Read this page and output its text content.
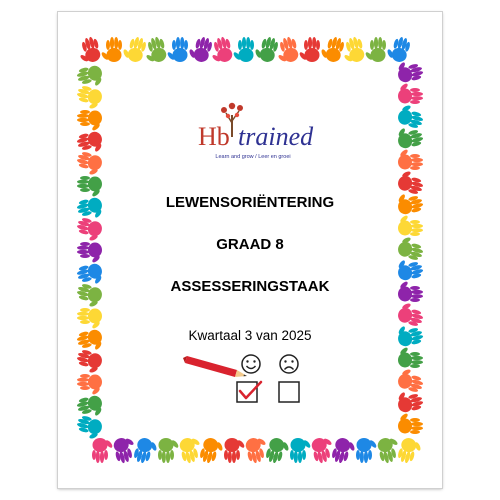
Hb trained
Learn and grow / Leer en groei
LEWENSORIËNTERING
GRAAD 8
ASSESSERINGSTAAK
Kwartaal 3 van 2025
